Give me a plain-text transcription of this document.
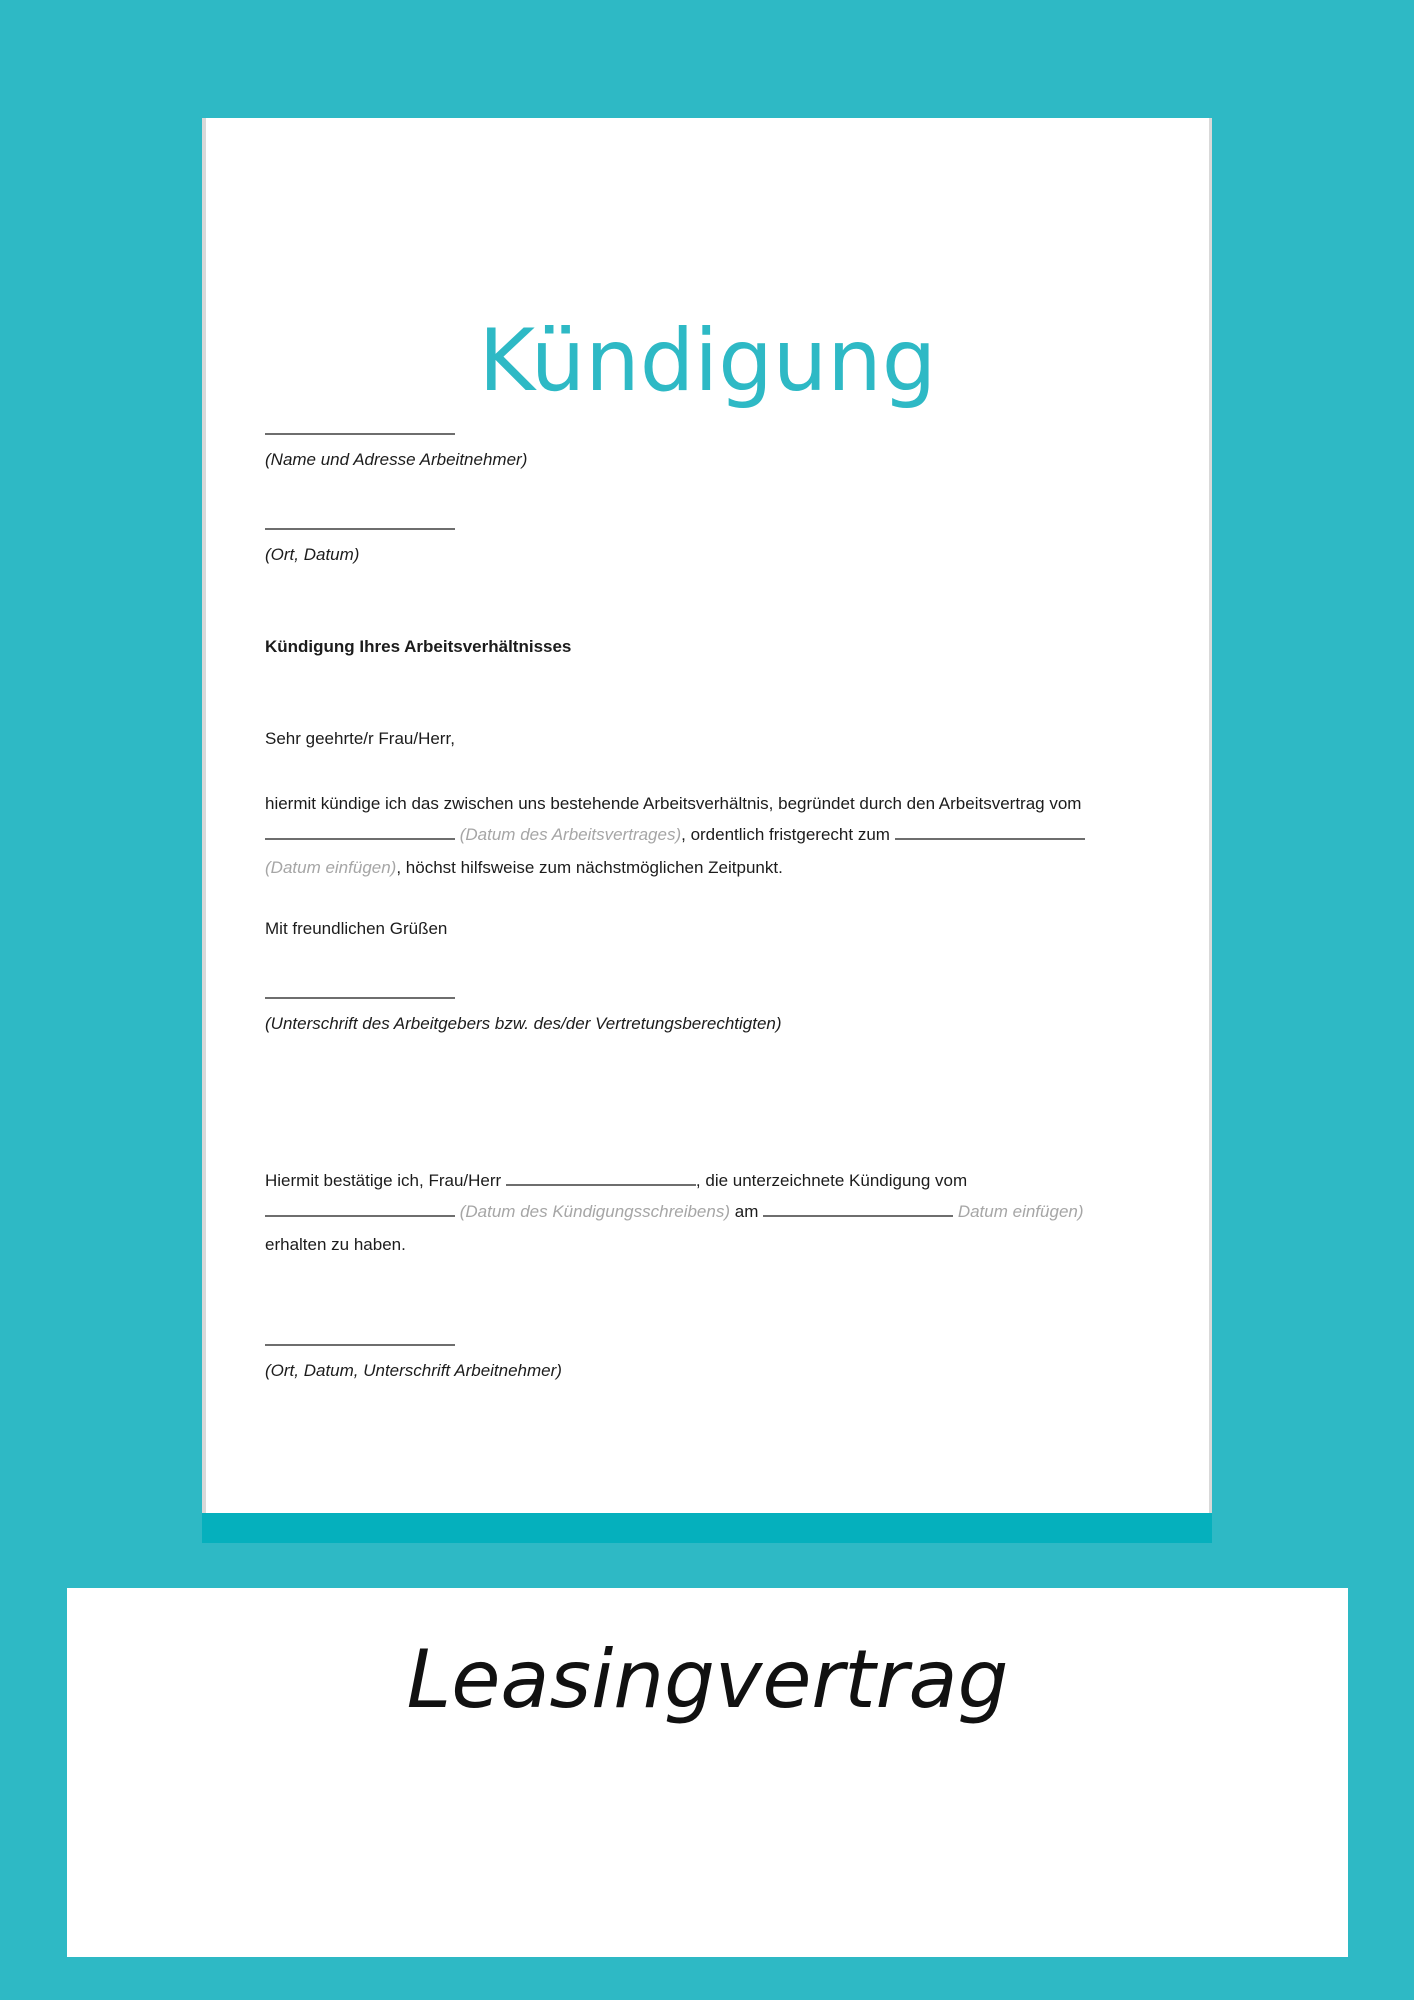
Kündigung
(Name und Adresse Arbeitnehmer)
(Ort, Datum)
Kündigung Ihres Arbeitsverhältnisses
Sehr geehrte/r Frau/Herr,
hiermit kündige ich das zwischen uns bestehende Arbeitsverhältnis, begründet durch den Arbeitsvertrag vom
(Datum des Arbeitsvertrages), ordentlich fristgerecht zum
(Datum einfügen), höchst hilfsweise zum nächstmöglichen Zeitpunkt.
Mit freundlichen Grüßen
(Unterschrift des Arbeitgebers bzw. des/der Vertretungsberechtigten)
Hiermit bestätige ich, Frau/Herr	, die unterzeichnete Kündigung vom
(Datum des Kündigungsschreibens) am	Datum einfügen)
erhalten zu haben.
(Ort, Datum, Unterschrift Arbeitnehmer)
Leasingvertrag
